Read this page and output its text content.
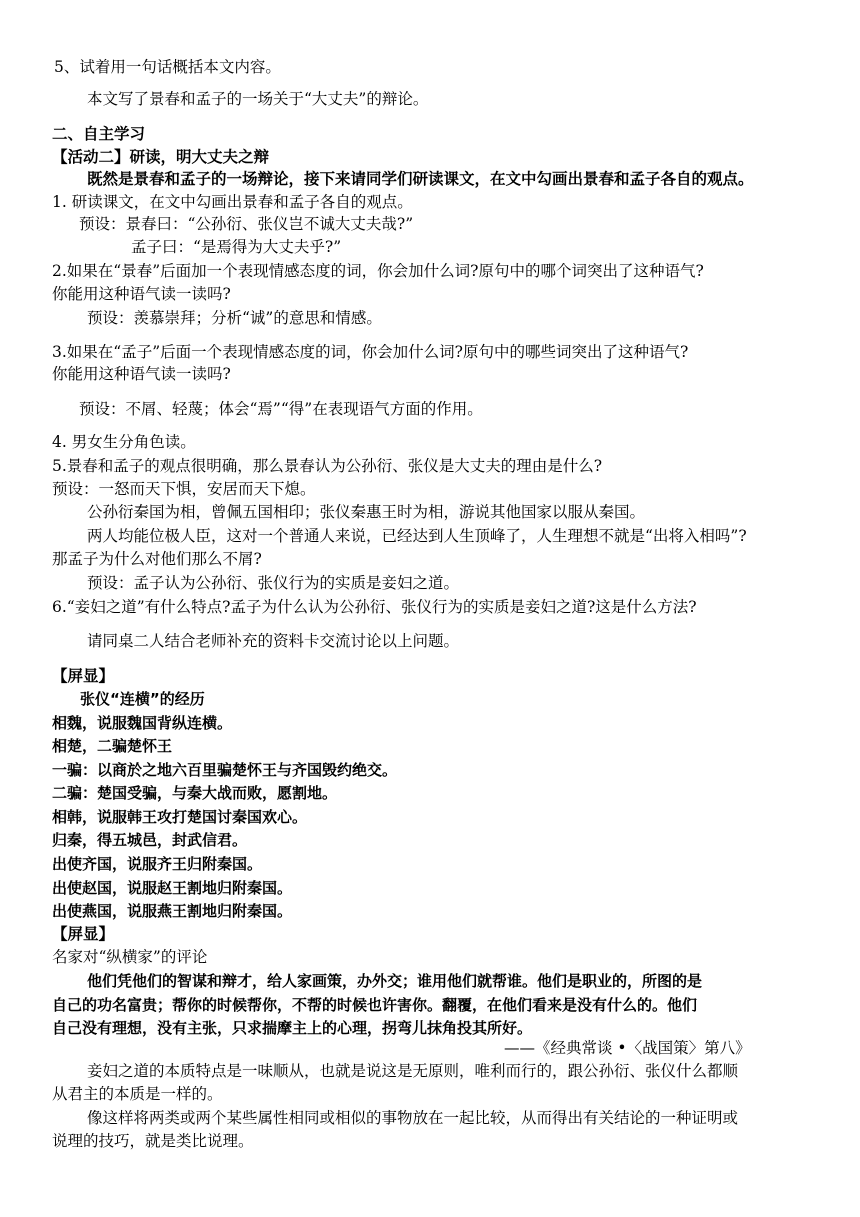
5、试着用一句话概括本文内容。
本文写了景春和孟子的一场关于“大丈夫”的辩论。
二、自主学习
【活动二】研读，明大丈夫之辩
既然是景春和孟子的一场辩论，接下来请同学们研读课文，在文中勾画出景春和孟子各自的观点。
1. 研读课文，在文中勾画出景春和孟子各自的观点。
预设：景春曰：“公孙衍、张仪岂不诚大丈夫哉?”
孟子曰：“是焉得为大丈夫乎?”
2.如果在“景春”后面加一个表现情感态度的词，你会加什么词?原句中的哪个词突出了这种语气?
你能用这种语气读一读吗?
预设：羡慕崇拜；分析“诚”的意思和情感。
3.如果在“孟子”后面一个表现情感态度的词，你会加什么词?原句中的哪些词突出了这种语气?
你能用这种语气读一读吗?
预设：不屑、轻蔑；体会“焉”“得”在表现语气方面的作用。
4. 男女生分角色读。
5.景春和孟子的观点很明确，那么景春认为公孙衍、张仪是大丈夫的理由是什么?
预设：一怒而天下惧，安居而天下熄。
公孙衍秦国为相，曾佩五国相印；张仪秦惠王时为相，游说其他国家以服从秦国。
两人均能位极人臣，这对一个普通人来说，已经达到人生顶峰了，人生理想不就是“出将入相吗”?
那孟子为什么对他们那么不屑?
预设：孟子认为公孙衍、张仪行为的实质是妾妇之道。
6.“妾妇之道”有什么特点?孟子为什么认为公孙衍、张仪行为的实质是妾妇之道?这是什么方法?
请同桌二人结合老师补充的资料卡交流讨论以上问题。
【屏显】
张仪“连横”的经历
相魏，说服魏国背纵连横。
相楚，二骗楚怀王
一骗：以商於之地六百里骗楚怀王与齐国毁约绝交。
二骗：楚国受骗，与秦大战而败，愿割地。
相韩，说服韩王攻打楚国讨秦国欢心。
归秦，得五城邑，封武信君。
出使齐国，说服齐王归附秦国。
出使赵国，说服赵王割地归附秦国。
出使燕国，说服燕王割地归附秦国。
【屏显】
名家对“纵横家”的评论
他们凭他们的智谋和辩才，给人家画策，办外交；谁用他们就帮谁。他们是职业的，所图的是
自己的功名富贵；帮你的时候帮你，不帮的时候也许害你。翻覆，在他们看来是没有什么的。他们
自己没有理想，没有主张，只求揣摩主上的心理，拐弯儿抹角投其所好。
——《经典常谈 •〈战国策〉第八》
妾妇之道的本质特点是一味顺从，也就是说这是无原则，唯利而行的，跟公孙衍、张仪什么都顺
从君主的本质是一样的。
像这样将两类或两个某些属性相同或相似的事物放在一起比较，从而得出有关结论的一种证明或
说理的技巧，就是类比说理。
